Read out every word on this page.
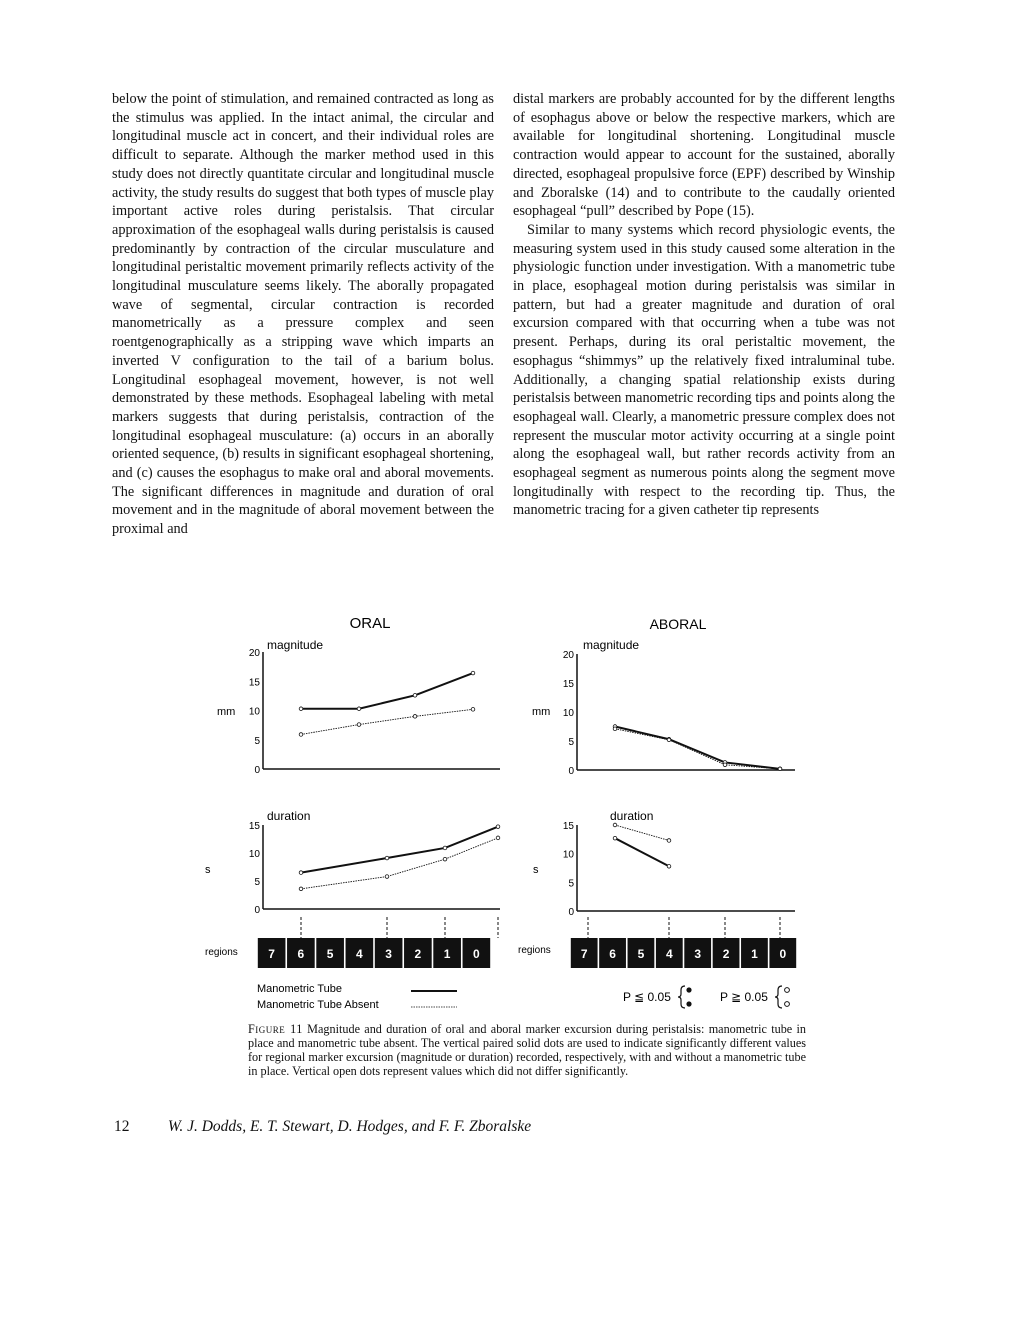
below the point of stimulation, and remained contracted as long as the stimulus was applied. In the intact animal, the circular and longitudinal muscle act in concert, and their individual roles are difficult to separate. Although the marker method used in this study does not directly quantitate circular and longitudinal muscle activity, the study results do suggest that both types of muscle play important active roles during peristalsis. That circular approximation of the esophageal walls during peristalsis is caused predominantly by contraction of the circular musculature and longitudinal peristaltic movement primarily reflects activity of the longitudinal musculature seems likely. The aborally propagated wave of segmental, circular contraction is recorded manometrically as a pressure complex and seen roentgenographically as a stripping wave which imparts an inverted V configuration to the tail of a barium bolus. Longitudinal esophageal movement, however, is not well demonstrated by these methods. Esophageal labeling with metal markers suggests that during peristalsis, contraction of the longitudinal esophageal musculature: (a) occurs in an aborally oriented sequence, (b) results in significant esophageal shortening, and (c) causes the esophagus to make oral and aboral movements. The significant differences in magnitude and duration of oral movement and in the magnitude of aboral movement between the proximal and

distal markers are probably accounted for by the different lengths of esophagus above or below the respective markers, which are available for longitudinal shortening. Longitudinal muscle contraction would appear to account for the sustained, aborally directed, esophageal propulsive force (EPF) described by Winship and Zboralske (14) and to contribute to the caudally oriented esophageal “pull” described by Pope (15).

Similar to many systems which record physiologic events, the measuring system used in this study caused some alteration in the physiologic function under investigation. With a manometric tube in place, esophageal motion during peristalsis was similar in pattern, but had a greater magnitude and duration of oral excursion compared with that occurring when a tube was not present. Perhaps, during its oral peristaltic movement, the esophagus “shimmys” up the relatively fixed intraluminal tube. Additionally, a changing spatial relationship exists during peristalsis between manometric recording tips and points along the esophageal wall. Clearly, a manometric pressure complex does not represent the muscular motor activity occurring at a single point along the esophageal wall, but rather records activity from an esophageal segment as numerous points along the segment move longitudinally with respect to the recording tip. Thus, the manometric tracing for a given catheter tip represents

ORAL	ABORAL
magnitude	magnitude
duration	duration
mm	mm
s	s
regions	regions
0
5
10
15
20
0
5
10
15
20
0
5
10
15
0
5
10
15
7 6 5 4 3 2 1 0	7 6 5 4 3 2 1 0
Manometric Tube
Manometric Tube Absent
P ≦ 0.05	P ≧ 0.05
Figure 11 Magnitude and duration of oral and aboral marker excursion during peristalsis: manometric tube in place and manometric tube absent. The vertical paired solid dots are used to indicate significantly different values for regional marker excursion (magnitude or duration) recorded, respectively, with and without a manometric tube in place. Vertical open dots represent values which did not differ significantly.
12 W. J. Dodds, E. T. Stewart, D. Hodges, and F. F. Zboralske
